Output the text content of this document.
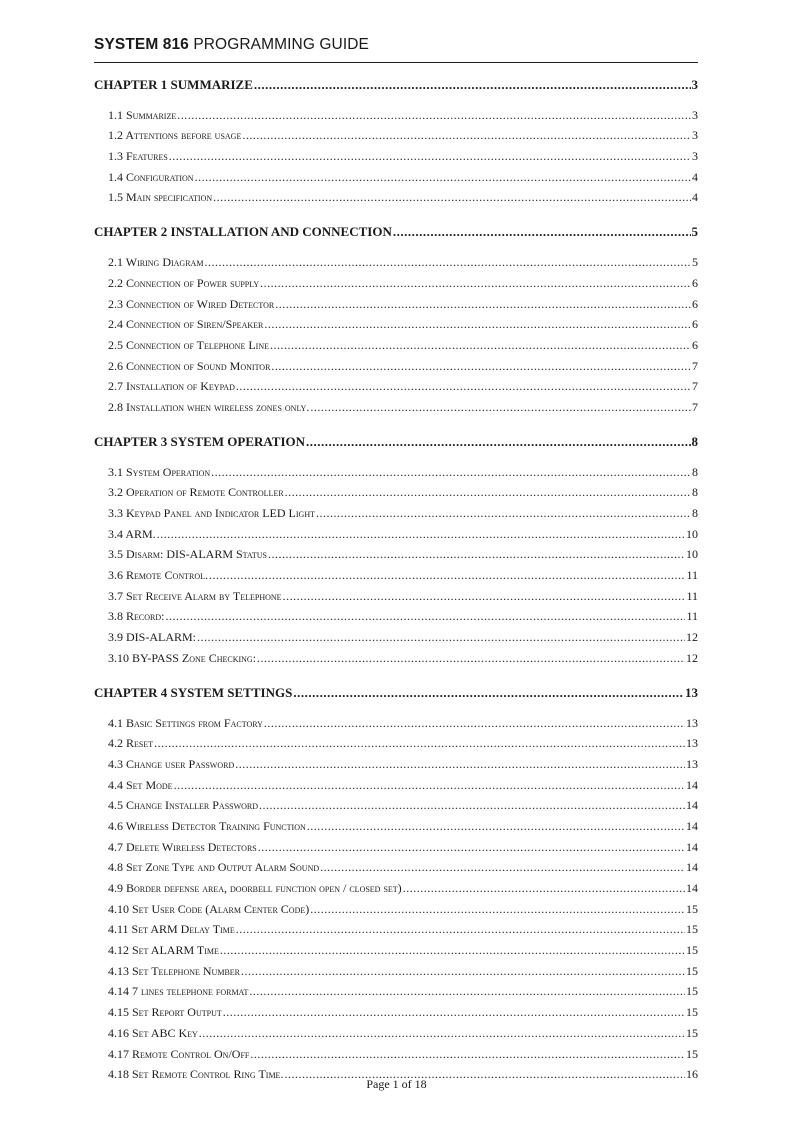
SYSTEM 816 PROGRAMMING GUIDE
CHAPTER 1 SUMMARIZE .....	3
1.1 Summarize .....	3
1.2 Attentions before usage .....	3
1.3 Features .....	3
1.4 Configuration .....	4
1.5 Main specification .....	4
CHAPTER 2 INSTALLATION AND CONNECTION .....	5
2.1 Wiring Diagram .....	5
2.2 Connection of Power supply .....	6
2.3 Connection of Wired Detector .....	6
2.4 Connection of Siren/Speaker .....	6
2.5 Connection of Telephone Line .....	6
2.6 Connection of Sound Monitor .....	7
2.7 Installation of Keypad .....	7
2.8 Installation when wireless zones only. .....	7
CHAPTER 3 SYSTEM OPERATION .....	8
3.1 System Operation .....	8
3.2 Operation of Remote Controller .....	8
3.3 Keypad Panel and Indicator LED Light .....	8
3.4 ARM. .....	10
3.5 Disarm: DIS-ALARM Status .....	10
3.6 Remote Control. .....	11
3.7 Set Receive Alarm by Telephone .....	11
3.8 Record: .....	11
3.9 DIS-ALARM: .....	12
3.10 BY-PASS Zone Checking: .....	12
CHAPTER 4 SYSTEM SETTINGS .....	13
4.1 Basic Settings from Factory .....	13
4.2 Reset .....	13
4.3 Change user Password .....	13
4.4 Set Mode .....	14
4.5 Change Installer Password .....	14
4.6 Wireless Detector Training Function .....	14
4.7 Delete Wireless Detectors .....	14
4.8 Set Zone Type and Output Alarm Sound .....	14
4.9 Border defense area, doorbell function open / closed set) .....	14
4.10 Set User Code (Alarm Center Code) .....	15
4.11 Set ARM Delay Time .....	15
4.12 Set ALARM Time .....	15
4.13 Set Telephone Number .....	15
4.14 7 lines telephone format .....	15
4.15 Set Report Output .....	15
4.16 Set ABC Key .....	15
4.17 Remote Control On/Off .....	15
4.18 Set Remote Control Ring Time. .....	16
Page 1 of 18
